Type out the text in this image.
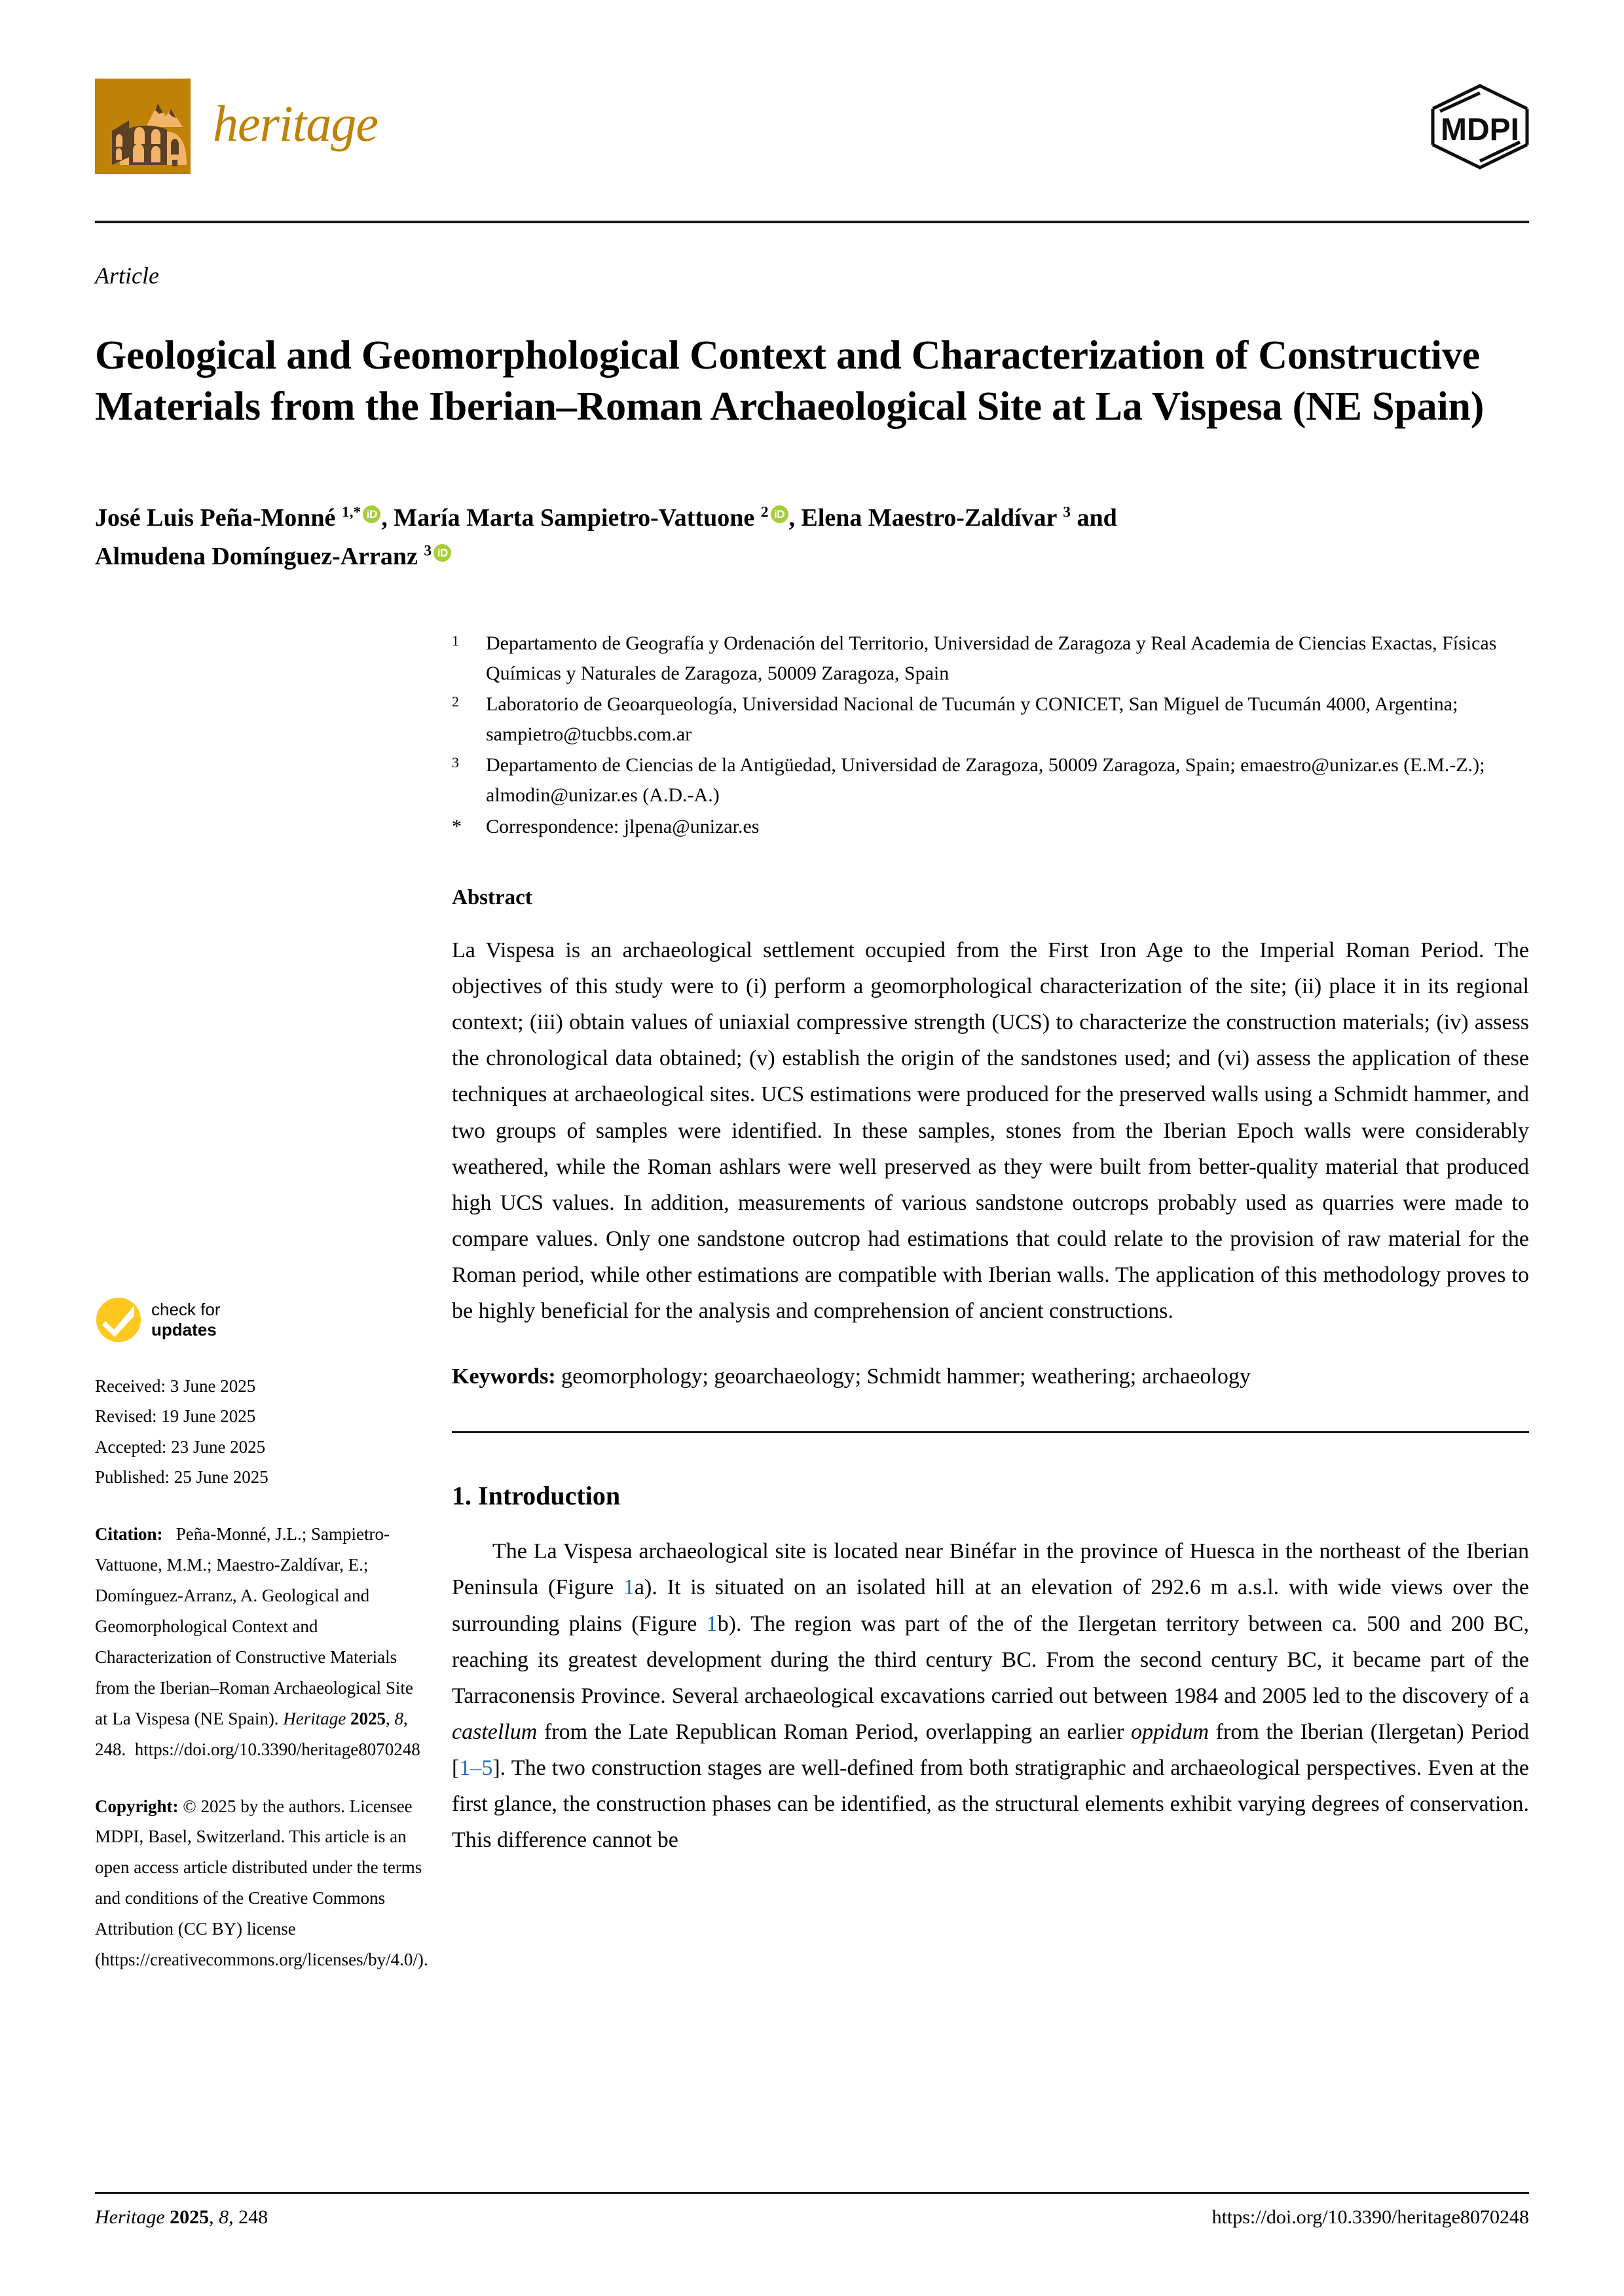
heritage	MDPI
Article
Geological and Geomorphological Context and Characterization of Constructive Materials from the Iberian–Roman Archaeological Site at La Vispesa (NE Spain)
José Luis Peña-Monné $^{1,*}$ iD , María Marta Sampietro-Vattuone $^2$ iD , Elena Maestro-Zaldívar $^3$ and
Almudena Domínguez-Arranz $^3$ iD
check for
updates
Received: 3 June 2025
Revised: 19 June 2025
Accepted: 23 June 2025
Published: 25 June 2025
Citation: Peña-Monné, J.L.; Sampietro-Vattuone, M.M.; Maestro-Zaldívar, E.; Domínguez-Arranz, A. Geological and Geomorphological Context and Characterization of Constructive Materials from the Iberian–Roman Archaeological Site at La Vispesa (NE Spain). Heritage 2025, 8, 248. https://doi.org/10.3390/heritage8070248
Copyright: © 2025 by the authors. Licensee MDPI, Basel, Switzerland. This article is an open access article distributed under the terms and conditions of the Creative Commons Attribution (CC BY) license (https://creativecommons.org/licenses/by/4.0/).
1	Departamento de Geografía y Ordenación del Territorio, Universidad de Zaragoza y Real Academia de Ciencias Exactas, Físicas Químicas y Naturales de Zaragoza, 50009 Zaragoza, Spain
2	Laboratorio de Geoarqueología, Universidad Nacional de Tucumán y CONICET, San Miguel de Tucumán 4000, Argentina; sampietro@tucbbs.com.ar
3	Departamento de Ciencias de la Antigüedad, Universidad de Zaragoza, 50009 Zaragoza, Spain; emaestro@unizar.es (E.M.-Z.); almodin@unizar.es (A.D.-A.)
*	Correspondence: jlpena@unizar.es
Abstract
La Vispesa is an archaeological settlement occupied from the First Iron Age to the Imperial Roman Period. The objectives of this study were to (i) perform a geomorphological characterization of the site; (ii) place it in its regional context; (iii) obtain values of uniaxial compressive strength (UCS) to characterize the construction materials; (iv) assess the chronological data obtained; (v) establish the origin of the sandstones used; and (vi) assess the application of these techniques at archaeological sites. UCS estimations were produced for the preserved walls using a Schmidt hammer, and two groups of samples were identified. In these samples, stones from the Iberian Epoch walls were considerably weathered, while the Roman ashlars were well preserved as they were built from better-quality material that produced high UCS values. In addition, measurements of various sandstone outcrops probably used as quarries were made to compare values. Only one sandstone outcrop had estimations that could relate to the provision of raw material for the Roman period, while other estimations are compatible with Iberian walls. The application of this methodology proves to be highly beneficial for the analysis and comprehension of ancient constructions.
Keywords: geomorphology; geoarchaeology; Schmidt hammer; weathering; archaeology
1. Introduction
The La Vispesa archaeological site is located near Binéfar in the province of Huesca in the northeast of the Iberian Peninsula (Figure 1a). It is situated on an isolated hill at an elevation of 292.6 m a.s.l. with wide views over the surrounding plains (Figure 1b). The region was part of the of the Ilergetan territory between ca. 500 and 200 BC, reaching its greatest development during the third century BC. From the second century BC, it became part of the Tarraconensis Province. Several archaeological excavations carried out between 1984 and 2005 led to the discovery of a castellum from the Late Republican Roman Period, overlapping an earlier oppidum from the Iberian (Ilergetan) Period [1–5]. The two construction stages are well-defined from both stratigraphic and archaeological perspectives. Even at the first glance, the construction phases can be identified, as the structural elements exhibit varying degrees of conservation. This difference cannot be
Heritage 2025, 8, 248	https://doi.org/10.3390/heritage8070248
